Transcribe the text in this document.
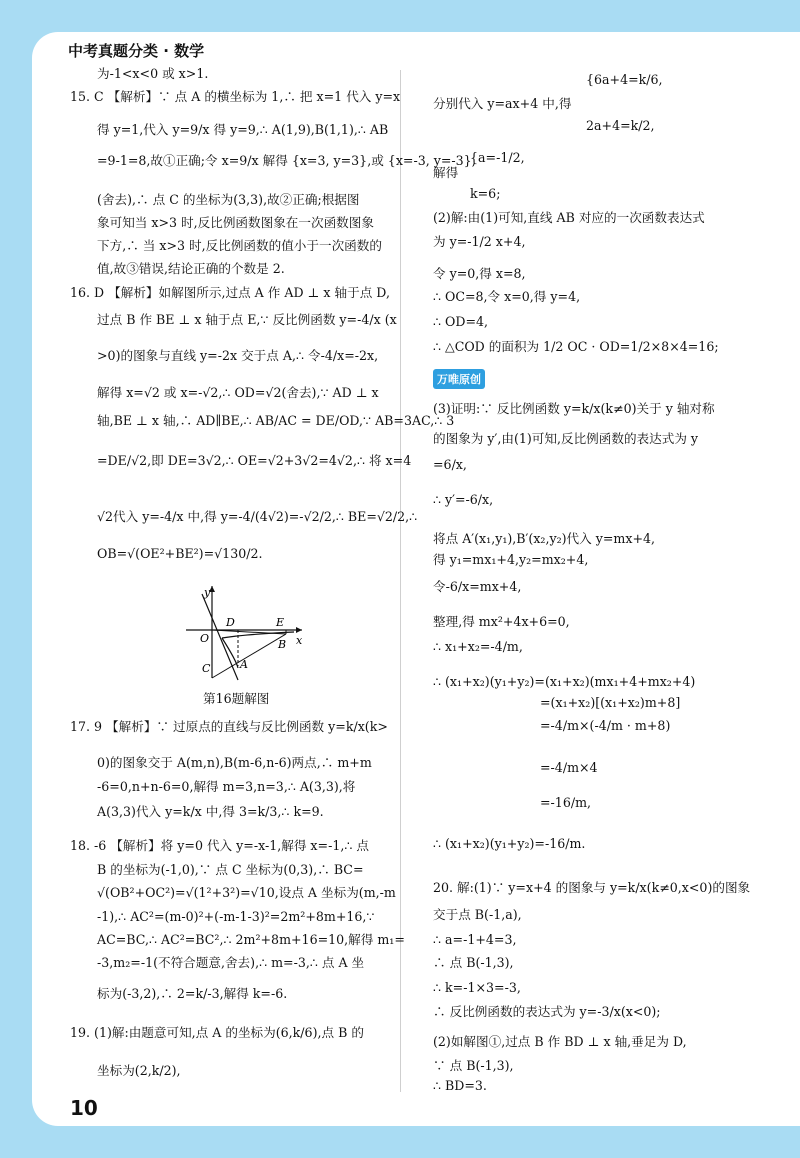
中考真题分类 · 数学
为-1<x<0 或 x>1.
15. C 【解析】∵ 点 A 的横坐标为 1,∴ 把 x=1 代入 y=x
得 y=1,代入 y=9/x 得 y=9,∴ A(1,9),B(1,1),∴ AB
=9-1=8,故①正确;令 x=9/x 解得 {x=3, y=3},或 {x=-3, y=-3},
(舍去),∴ 点 C 的坐标为(3,3),故②正确;根据图
象可知当 x>3 时,反比例函数图象在一次函数图象
下方,∴ 当 x>3 时,反比例函数的值小于一次函数的
值,故③错误,结论正确的个数是 2.
16. D 【解析】如解图所示,过点 A 作 AD ⊥ x 轴于点 D,
过点 B 作 BE ⊥ x 轴于点 E,∵ 反比例函数 y=-4/x (x
>0)的图象与直线 y=-2x 交于点 A,∴ 令-4/x=-2x,
解得 x=√2 或 x=-√2,∴ OD=√2(舍去),∵ AD ⊥ x
轴,BE ⊥ x 轴,∴ AD∥BE,∴ AB/AC = DE/OD,∵ AB=3AC,∴ 3
=DE/√2,即 DE=3√2,∴ OE=√2+3√2=4√2,∴ 将 x=4
√2代入 y=-4/x 中,得 y=-4/(4√2)=-√2/2,∴ BE=√2/2,∴
OB=√(OE²+BE²)=√130/2.
17. 9 【解析】∵ 过原点的直线与反比例函数 y=k/x(k>
0)的图象交于 A(m,n),B(m-6,n-6)两点,∴ m+m
-6=0,n+n-6=0,解得 m=3,n=3,∴ A(3,3),将
A(3,3)代入 y=k/x 中,得 3=k/3,∴ k=9.
18. -6 【解析】将 y=0 代入 y=-x-1,解得 x=-1,∴ 点
B 的坐标为(-1,0),∵ 点 C 坐标为(0,3),∴ BC=
√(OB²+OC²)=√(1²+3²)=√10,设点 A 坐标为(m,-m
-1),∴ AC²=(m-0)²+(-m-1-3)²=2m²+8m+16,∵
AC=BC,∴ AC²=BC²,∴ 2m²+8m+16=10,解得 m₁=
-3,m₂=-1(不符合题意,舍去),∴ m=-3,∴ 点 A 坐
标为(-3,2),∴ 2=k/-3,解得 k=-6.
19. (1)解:由题意可知,点 A 的坐标为(6,k/6),点 B 的
坐标为(2,k/2),
{6a+4=k/6,
分别代入 y=ax+4 中,得
2a+4=k/2,
{a=-1/2,
解得
k=6;
(2)解:由(1)可知,直线 AB 对应的一次函数表达式
为 y=-1/2 x+4,
令 y=0,得 x=8,
∴ OC=8,令 x=0,得 y=4,
∴ OD=4,
∴ △COD 的面积为 1/2 OC · OD=1/2×8×4=16;
(3)证明:∵ 反比例函数 y=k/x(k≠0)关于 y 轴对称
的图象为 y′,由(1)可知,反比例函数的表达式为 y
=6/x,
∴ y′=-6/x,
将点 A′(x₁,y₁),B′(x₂,y₂)代入 y=mx+4,
得 y₁=mx₁+4,y₂=mx₂+4,
令-6/x=mx+4,
整理,得 mx²+4x+6=0,
∴ x₁+x₂=-4/m,
∴ (x₁+x₂)(y₁+y₂)=(x₁+x₂)(mx₁+4+mx₂+4)
=(x₁+x₂)[(x₁+x₂)m+8]
=-4/m×(-4/m · m+8)
=-4/m×4
=-16/m,
∴ (x₁+x₂)(y₁+y₂)=-16/m.
20. 解:(1)∵ y=x+4 的图象与 y=k/x(k≠0,x<0)的图象
交于点 B(-1,a),
∴ a=-1+4=3,
∴ 点 B(-1,3),
∴ k=-1×3=-3,
∴ 反比例函数的表达式为 y=-3/x(x<0);
(2)如解图①,过点 B 作 BD ⊥ x 轴,垂足为 D,
∵ 点 B(-1,3),
∴ BD=3.
万唯原创
y
x
O
D	E
B
A
C
第16题解图
10
